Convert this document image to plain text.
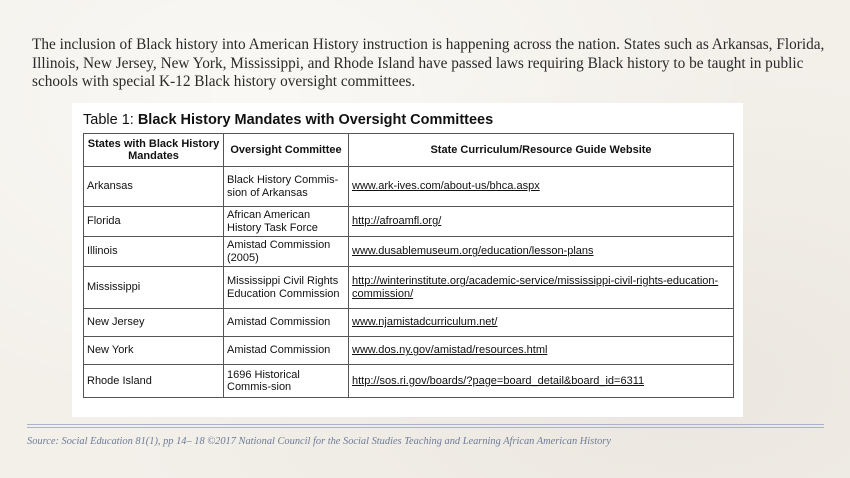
The inclusion of Black history into American History instruction is happening across the nation. States such as Arkansas, Florida, Illinois, New Jersey, New York, Mississippi, and Rhode Island have passed laws requiring Black history to be taught in public schools with special K-12 Black history oversight committees.

Table 1: Black History Mandates with Oversight Committees
States with Black History Mandates	Oversight Committee	State Curriculum/Resource Guide Website
Arkansas	Black History Commis-sion of Arkansas	www.ark-ives.com/about-us/bhca.aspx
Florida	African American History Task Force	http://afroamfl.org/
Illinois	Amistad Commission (2005)	www.dusablemuseum.org/education/lesson-plans
Mississippi	Mississippi Civil Rights Education Commission	http://winterinstitute.org/academic-service/mississippi-civil-rights-education-commission/
New Jersey	Amistad Commission	www.njamistadcurriculum.net/
New York	Amistad Commission	www.dos.ny.gov/amistad/resources.html
Rhode Island	1696 Historical Commis-sion	http://sos.ri.gov/boards/?page=board_detail&board_id=6311
Source: Social Education 81(1), pp 14– 18 ©2017 National Council for the Social Studies Teaching and Learning African American History
